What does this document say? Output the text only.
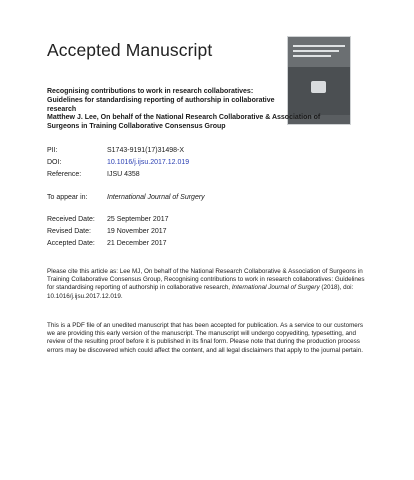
Accepted Manuscript
Recognising contributions to work in research collaboratives: Guidelines for standardising reporting of authorship in collaborative research
Matthew J. Lee, On behalf of the National Research Collaborative & Association of Surgeons in Training Collaborative Consensus Group
PII:	S1743-9191(17)31498-X
DOI:	10.1016/j.ijsu.2017.12.019
Reference:	IJSU 4358
To appear in:	International Journal of Surgery
Received Date:	25 September 2017
Revised Date:	19 November 2017
Accepted Date:	21 December 2017
Please cite this article as: Lee MJ, On behalf of the National Research Collaborative & Association of Surgeons in Training Collaborative Consensus Group, Recognising contributions to work in research collaboratives: Guidelines for standardising reporting of authorship in collaborative research, International Journal of Surgery (2018), doi: 10.1016/j.ijsu.2017.12.019.
This is a PDF file of an unedited manuscript that has been accepted for publication. As a service to our customers we are providing this early version of the manuscript. The manuscript will undergo copyediting, typesetting, and review of the resulting proof before it is published in its final form. Please note that during the production process errors may be discovered which could affect the content, and all legal disclaimers that apply to the journal pertain.
